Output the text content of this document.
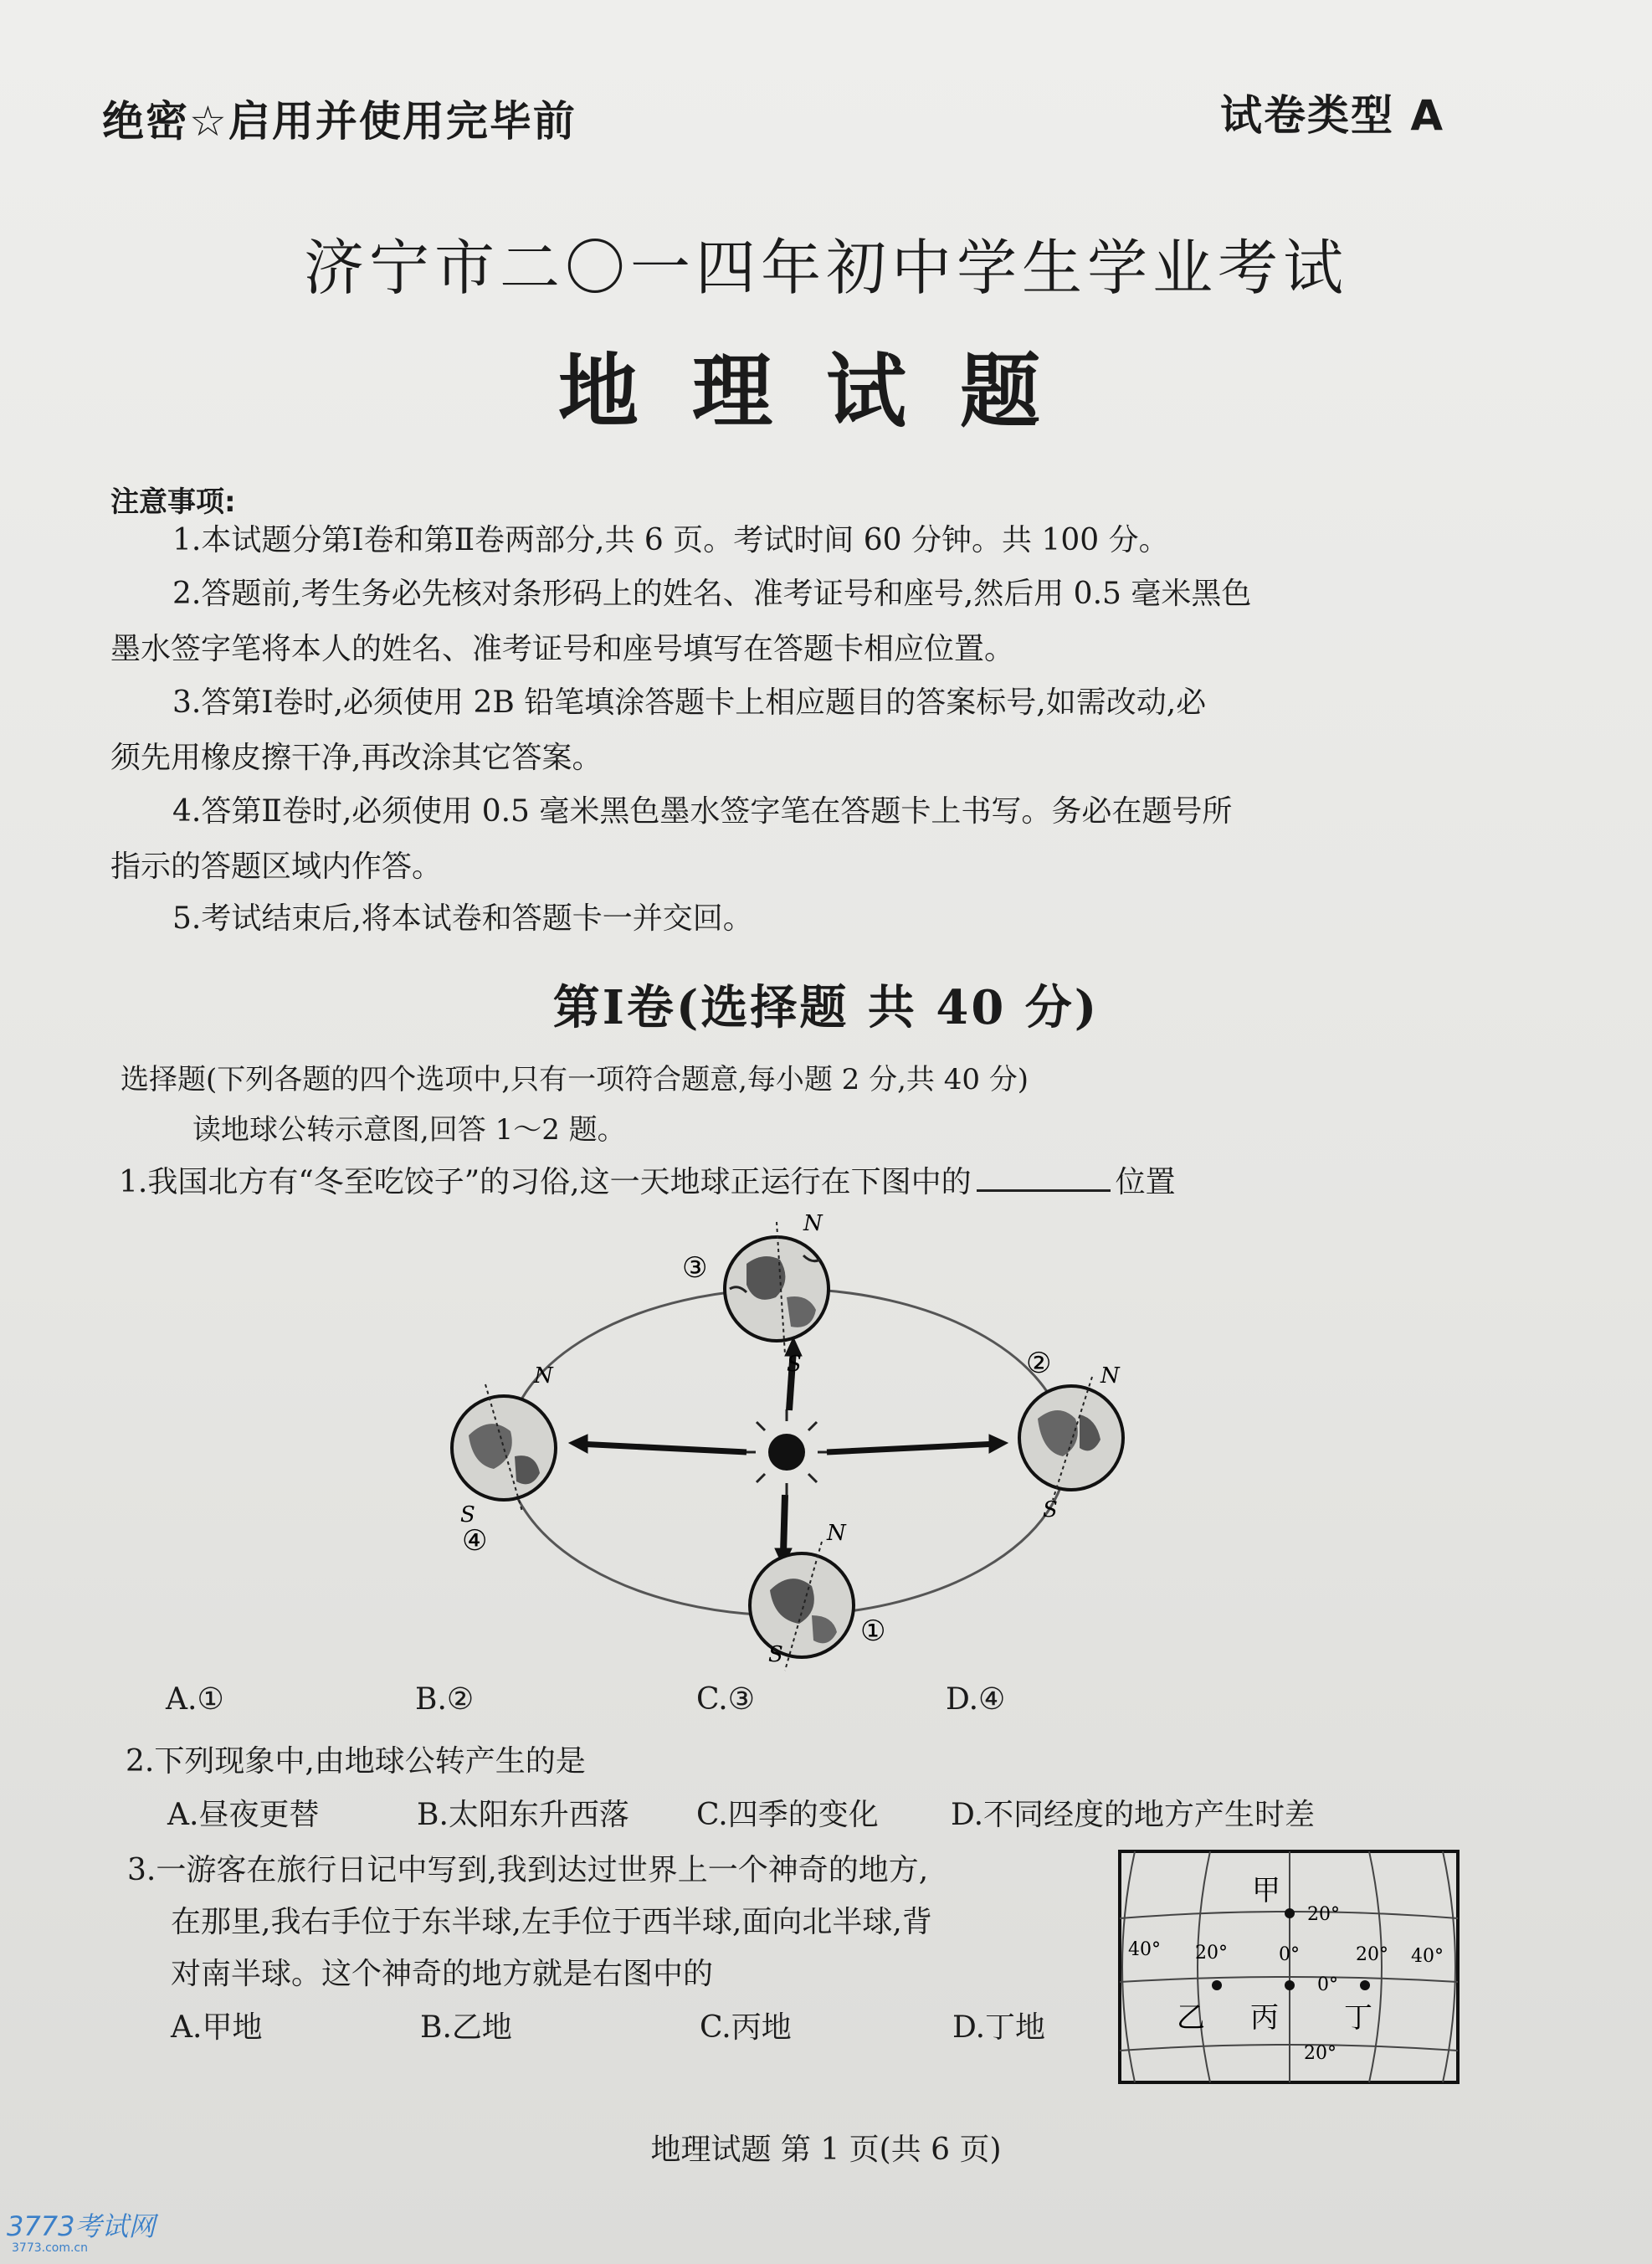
绝密☆启用并使用完毕前	试卷类型 A
济宁市二〇一四年初中学生学业考试
地理试题
注意事项:
1.本试题分第Ⅰ卷和第Ⅱ卷两部分,共 6 页。考试时间 60 分钟。共 100 分。
2.答题前,考生务必先核对条形码上的姓名、准考证号和座号,然后用 0.5 毫米黑色
墨水签字笔将本人的姓名、准考证号和座号填写在答题卡相应位置。
3.答第Ⅰ卷时,必须使用 2B 铅笔填涂答题卡上相应题目的答案标号,如需改动,必
须先用橡皮擦干净,再改涂其它答案。
4.答第Ⅱ卷时,必须使用 0.5 毫米黑色墨水签字笔在答题卡上书写。务必在题号所
指示的答题区域内作答。
5.考试结束后,将本试卷和答题卡一并交回。
第Ⅰ卷(选择题 共 40 分)
选择题(下列各题的四个选项中,只有一项符合题意,每小题 2 分,共 40 分)
读地球公转示意图,回答 1～2 题。
1.我国北方有“冬至吃饺子”的习俗,这一天地球正运行在下图中的	位置
N
S
③
N
S
②
N
S
④	N
S
①
A.①	B.②	C.③	D.④
2.下列现象中,由地球公转产生的是
A.昼夜更替	B.太阳东升西落 C.四季的变化 D.不同经度的地方产生时差
3.一游客在旅行日记中写到,我到达过世界上一个神奇的地方,
在那里,我右手位于东半球,左手位于西半球,面向北半球,背
对南半球。这个神奇的地方就是右图中的
A.甲地	B.乙地	C.丙地	D.丁地
甲
乙 丙 丁
20°
0°
20°
40° 20°	0°	20° 40°
地理试题 第 1 页(共 6 页)
3773考试网
3773.com.cn
